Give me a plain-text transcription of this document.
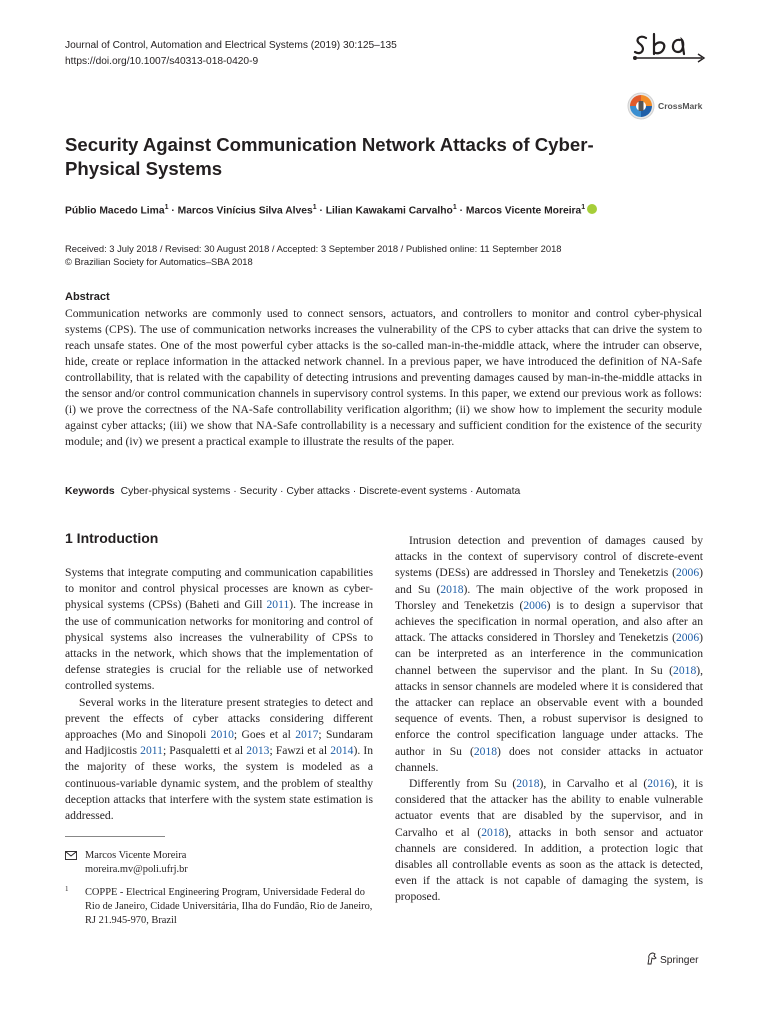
Journal of Control, Automation and Electrical Systems (2019) 30:125–135
https://doi.org/10.1007/s40313-018-0420-9
CrossMark
Security Against Communication Network Attacks of Cyber-Physical Systems
Públio Macedo Lima$^1$ · Marcos Vinícius Silva Alves$^1$ · Lilian Kawakami Carvalho$^1$ · Marcos Vicente Moreira$^1$
Received: 3 July 2018 / Revised: 30 August 2018 / Accepted: 3 September 2018 / Published online: 11 September 2018
© Brazilian Society for Automatics–SBA 2018
Abstract
Communication networks are commonly used to connect sensors, actuators, and controllers to monitor and control cyber-physical systems (CPS). The use of communication networks increases the vulnerability of the CPS to cyber attacks that can drive the system to reach unsafe states. One of the most powerful cyber attacks is the so-called man-in-the-middle attack, where the intruder can observe, hide, create or replace information in the attacked network channel. In a previous paper, we have introduced the definition of NA-Safe controllability, that is related with the capability of detecting intrusions and preventing damages caused by man-in-the-middle attacks in the sensor and/or control communication channels in supervisory control systems. In this paper, we extend our previous work as follows: (i) we prove the correctness of the NA-Safe controllability verification algorithm; (ii) we show how to implement the security module against cyber attacks; (iii) we show that NA-Safe controllability is a necessary and sufficient condition for the existence of the security module; and (iv) we present a practical example to illustrate the results of the paper.
Keywords Cyber-physical systems · Security · Cyber attacks · Discrete-event systems · Automata
1 Introduction

Systems that integrate computing and communication capabilities to monitor and control physical processes are known as cyber-physical systems (CPSs) (Baheti and Gill 2011). The increase in the use of communication networks for monitoring and control of physical systems also increases the vulnerability of CPSs to attacks in the network, which shows that the implementation of defense strategies is crucial for the reliable use of networked controlled systems.

Several works in the literature present strategies to detect and prevent the effects of cyber attacks considering different approaches (Mo and Sinopoli 2010; Goes et al 2017; Sundaram and Hadjicostis 2011; Pasqualetti et al 2013; Fawzi et al 2014). In the majority of these works, the system is modeled as a continuous-variable dynamic system, and the problem of stealthy deception attacks that interfere with the system state estimation is addressed.

Intrusion detection and prevention of damages caused by attacks in the context of supervisory control of discrete-event systems (DESs) are addressed in Thorsley and Teneketzis (2006) and Su (2018). The main objective of the work proposed in Thorsley and Teneketzis (2006) is to design a supervisor that achieves the specification in normal operation, and also after an attack. The attacks considered in Thorsley and Teneketzis (2006) can be interpreted as an interference in the communication channel between the supervisor and the plant. In Su (2018), attacks in sensor channels are modeled where it is considered that the attacker can replace an observable event with a bounded sequence of events. Then, a robust supervisor is designed to enforce the control specification language under attacks. The author in Su (2018) does not consider attacks in actuator channels.

Differently from Su (2018), in Carvalho et al (2016), it is considered that the attacker has the ability to enable vulnerable actuator events that are disabled by the supervisor, and in Carvalho et al (2018), attacks in both sensor and actuator channels are considered. In addition, a protection logic that disables all controllable events as soon as the attack is detected, even if the attack is not capable of damaging the system, is proposed.

Marcos Vicente Moreira
moreira.mv@poli.ufrj.br
1 COPPE - Electrical Engineering Program, Universidade Federal do Rio de Janeiro, Cidade Universitária, Ilha do Fundão, Rio de Janeiro, RJ 21.945-970, Brazil
Springer
